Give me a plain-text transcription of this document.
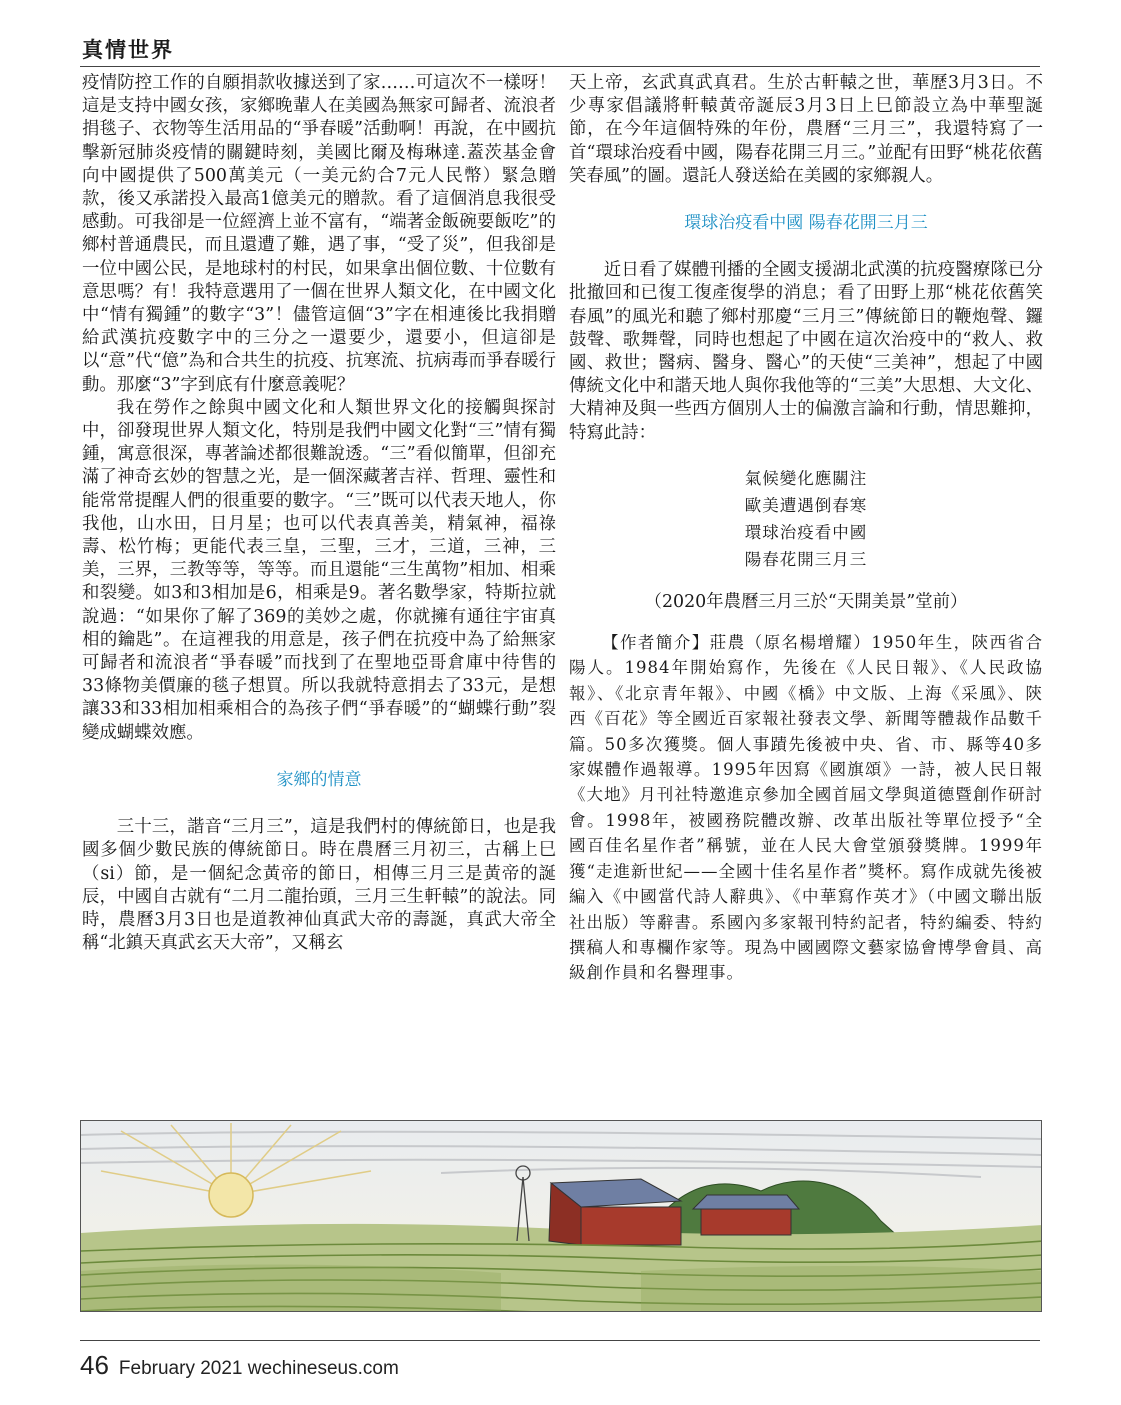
真情世界

疫情防控工作的自願捐款收據送到了家……可這次不一樣呀！這是支持中國女孩，家鄉晚輩人在美國為無家可歸者、流浪者捐毯子、衣物等生活用品的“爭春暖”活動啊！再說，在中國抗擊新冠肺炎疫情的關鍵時刻，美國比爾及梅琳達.蓋茨基金會向中國提供了500萬美元（一美元約合7元人民幣）緊急贈款，後又承諾投入最高1億美元的贈款。看了這個消息我很受感動。可我卻是一位經濟上並不富有，“端著金飯碗要飯吃”的鄉村普通農民，而且還遭了難，遇了事，“受了災”，但我卻是一位中國公民，是地球村的村民，如果拿出個位數、十位數有意思嗎？有！我特意選用了一個在世界人類文化，在中國文化中“情有獨鍾”的數字“3”！儘管這個“3”字在相連後比我捐贈給武漢抗疫數字中的三分之一還要少，還要小，但這卻是以“意”代“億”為和合共生的抗疫、抗寒流、抗病毒而爭春暖行動。那麼“3”字到底有什麼意義呢？

我在勞作之餘與中國文化和人類世界文化的接觸與探討中，卻發現世界人類文化，特別是我們中國文化對“三”情有獨鍾，寓意很深，專著論述都很難說透。“三”看似簡單，但卻充滿了神奇玄妙的智慧之光，是一個深藏著吉祥、哲理、靈性和能常常提醒人們的很重要的數字。“三”既可以代表天地人，你我他，山水田，日月星；也可以代表真善美，精氣神，福祿壽、松竹梅；更能代表三皇，三聖，三才，三道，三神，三美，三界，三教等等，等等。而且還能“三生萬物”相加、相乘和裂變。如3和3相加是6，相乘是9。著名數學家，特斯拉就說過：“如果你了解了369的美妙之處，你就擁有通往宇宙真相的鑰匙”。在這裡我的用意是，孩子們在抗疫中為了給無家可歸者和流浪者“爭春暖”而找到了在聖地亞哥倉庫中待售的33條物美價廉的毯子想買。所以我就特意捐去了33元，是想讓33和33相加相乘相合的為孩子們“爭春暖”的“蝴蝶行動”裂變成蝴蝶效應。

家鄉的情意

三十三，諧音“三月三”，這是我們村的傳統節日，也是我國多個少數民族的傳統節日。時在農曆三月初三，古稱上巳（si）節，是一個紀念黃帝的節日，相傳三月三是黃帝的誕辰，中國自古就有“二月二龍抬頭，三月三生軒轅”的說法。同時，農曆3月3日也是道教神仙真武大帝的壽誕，真武大帝全稱“北鎮天真武玄天大帝”，又稱玄

天上帝，玄武真武真君。生於古軒轅之世，華歷3月3日。不少專家倡議將軒轅黃帝誕辰3月3日上巳節設立為中華聖誕節，在今年這個特殊的年份，農曆“三月三”，我還特寫了一首“環球治疫看中國，陽春花開三月三。”並配有田野“桃花依舊笑春風”的圖。還託人發送給在美國的家鄉親人。

環球治疫看中國 陽春花開三月三

近日看了媒體刊播的全國支援湖北武漢的抗疫醫療隊已分批撤回和已復工復產復學的消息；看了田野上那“桃花依舊笑春風”的風光和聽了鄉村那慶“三月三”傳統節日的鞭炮聲、鑼鼓聲、歌舞聲，同時也想起了中國在這次治疫中的“救人、救國、救世；醫病、醫身、醫心”的天使“三美神”，想起了中國傳統文化中和諧天地人與你我他等的“三美”大思想、大文化、大精神及與一些西方個別人士的偏激言論和行動，情思難抑，特寫此詩：

氣候變化應關注
歐美遭遇倒春寒
環球治疫看中國
陽春花開三月三

（2020年農曆三月三於“天開美景”堂前）

【作者簡介】莊農（原名楊增耀）1950年生，陝西省合陽人。1984年開始寫作，先後在《人民日報》、《人民政協報》、《北京青年報》、中國《橋》中文版、上海《采風》、陝西《百花》等全國近百家報社發表文學、新聞等體裁作品數千篇。50多次獲獎。個人事蹟先後被中央、省、市、縣等40多家媒體作過報導。1995年因寫《國旗頌》一詩，被人民日報《大地》月刊社特邀進京參加全國首屆文學與道德暨創作研討會。1998年，被國務院體改辦、改革出版社等單位授予“全國百佳名星作者”稱號，並在人民大會堂頒發獎牌。1999年獲“走進新世紀——全國十佳名星作者”獎杯。寫作成就先後被編入《中國當代詩人辭典》、《中華寫作英才》（中國文聯出版社出版）等辭書。系國內多家報刊特約記者，特約編委、特約撰稿人和專欄作家等。現為中國國際文藝家協會博學會員、高級創作員和名譽理事。

46 February 2021 wechineseus.com
